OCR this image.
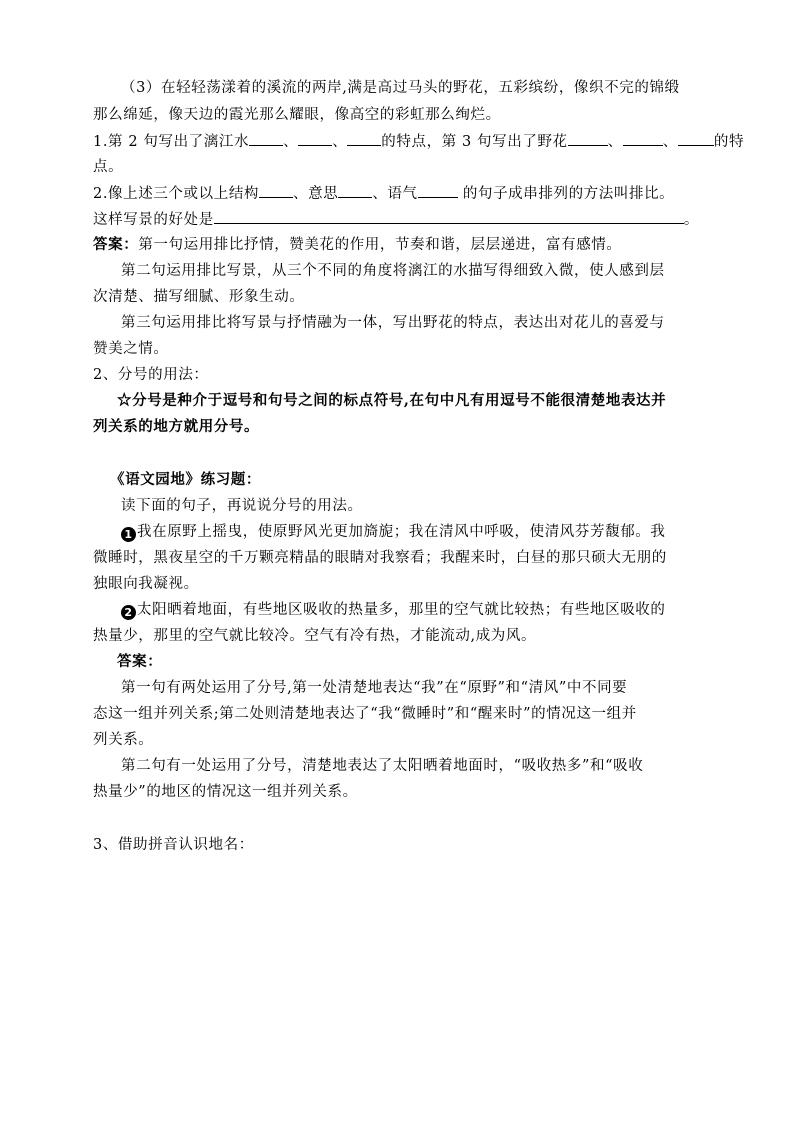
（3）在轻轻荡漾着的溪流的两岸,满是高过马头的野花，五彩缤纷，像织不完的锦缎
那么绵延，像天边的霞光那么耀眼，像高空的彩虹那么绚烂。
1.第 2 句写出了漓江水 、 、 的特点，第 3 句写出了野花	、	、 的特
点。
2.像上述三个或以上结构 、意思 、语气	的句子成串排列的方法叫排比。
这样写景的好处是	。
答案：第一句运用排比抒情，赞美花的作用，节奏和谐，层层递进，富有感情。
第二句运用排比写景，从三个不同的角度将漓江的水描写得细致入微，使人感到层
次清楚、描写细腻、形象生动。
第三句运用排比将写景与抒情融为一体，写出野花的特点，表达出对花儿的喜爱与
赞美之情。
2、分号的用法：
☆分号是种介于逗号和句号之间的标点符号,在句中凡有用逗号不能很清楚地表达并
列关系的地方就用分号。
《语文园地》练习题：
读下面的句子，再说说分号的用法。
1 我在原野上摇曳，使原野风光更加旖旎；我在清风中呼吸，使清风芬芳馥郁。我
微睡时，黑夜星空的千万颗亮精晶的眼睛对我察看；我醒来时，白昼的那只硕大无朋的
独眼向我凝视。
2 太阳晒着地面，有些地区吸收的热量多，那里的空气就比较热；有些地区吸收的
热量少，那里的空气就比较冷。空气有冷有热，才能流动,成为风。
答案：
第一句有两处运用了分号,第一处清楚地表达“我”在“原野”和“清风”中不同要
态这一组并列关系;第二处则清楚地表达了“我“微睡时”和“醒来时”的情况这一组并
列关系。
第二句有一处运用了分号，清楚地表达了太阳晒着地面时，“吸收热多”和“吸收
热量少”的地区的情况这一组并列关系。
3、借助拼音认识地名：
